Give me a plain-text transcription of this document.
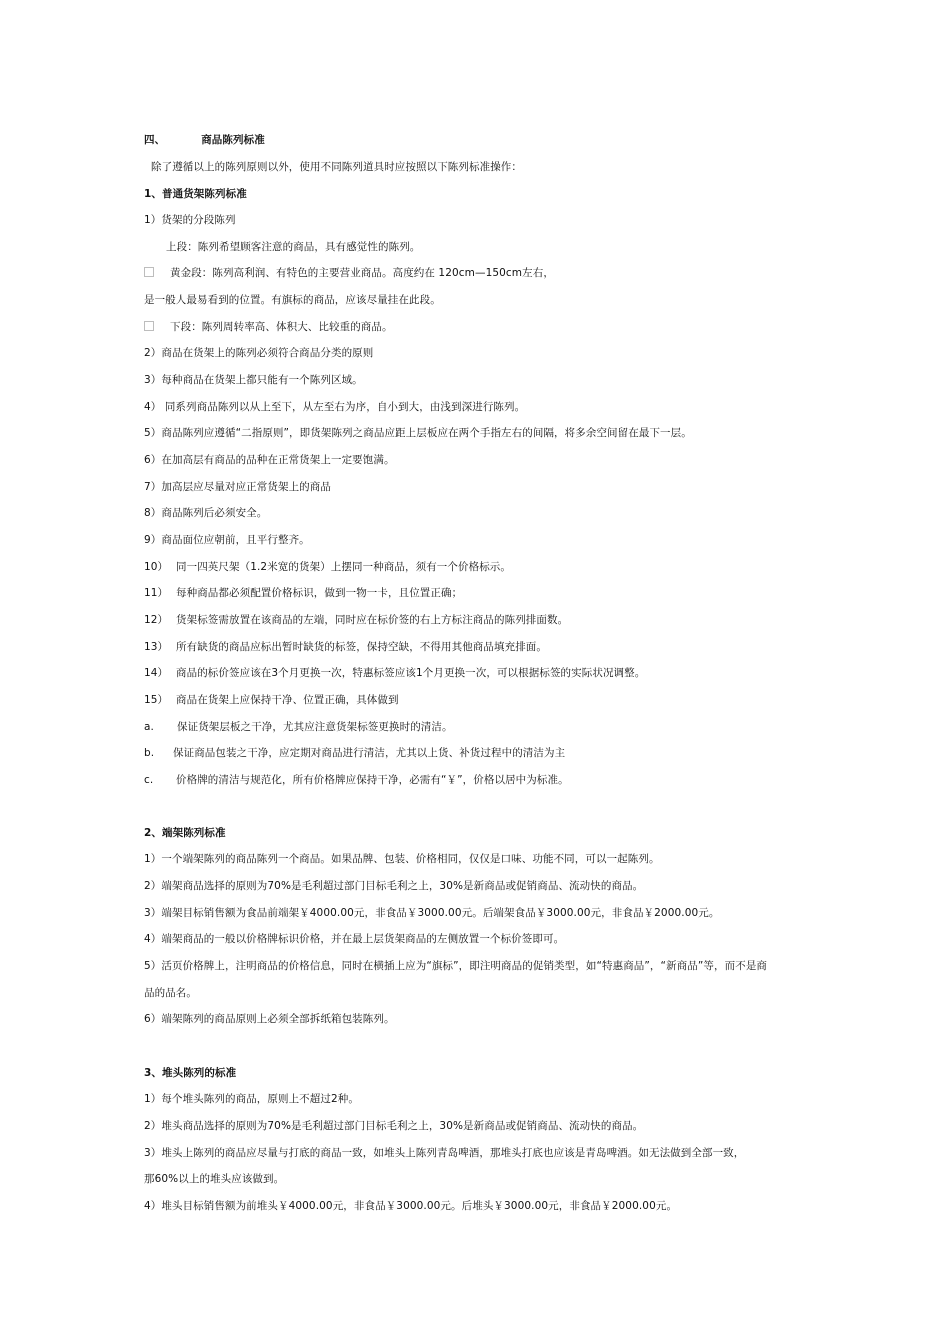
四、	商品陈列标准
除了遵循以上的陈列原则以外，使用不同陈列道具时应按照以下陈列标准操作：
1、普通货架陈列标准
1）货架的分段陈列
上段：陈列希望顾客注意的商品，具有感觉性的陈列。
黄金段：陈列高利润、有特色的主要营业商品。高度约在 120cm—150cm左右，
是一般人最易看到的位置。有旗标的商品，应该尽量挂在此段。
下段：陈列周转率高、体积大、比较重的商品。
2）商品在货架上的陈列必须符合商品分类的原则
3）每种商品在货架上都只能有一个陈列区域。
4） 同系列商品陈列以从上至下，从左至右为序，自小到大，由浅到深进行陈列。
5）商品陈列应遵循“二指原则”，即货架陈列之商品应距上层板应在两个手指左右的间隔，将多余空间留在最下一层。
6）在加高层有商品的品种在正常货架上一定要饱满。
7）加高层应尽量对应正常货架上的商品
8）商品陈列后必须安全。
9）商品面位应朝前，且平行整齐。
10） 同一四英尺架（1.2米宽的货架）上摆同一种商品，须有一个价格标示。
11） 每种商品都必须配置价格标识，做到一物一卡，且位置正确；
12） 货架标签需放置在该商品的左端，同时应在标价签的右上方标注商品的陈列排面数。
13） 所有缺货的商品应标出暂时缺货的标签，保持空缺，不得用其他商品填充排面。
14） 商品的标价签应该在3个月更换一次，特惠标签应该1个月更换一次，可以根据标签的实际状况调整。
15） 商品在货架上应保持干净、位置正确，具体做到
a. 保证货架层板之干净，尤其应注意货架标签更换时的清洁。
b. 保证商品包装之干净，应定期对商品进行清洁，尤其以上货、补货过程中的清洁为主
c. 价格牌的清洁与规范化，所有价格牌应保持干净，必需有“￥”，价格以居中为标准。
2、端架陈列标准
1）一个端架陈列的商品陈列一个商品。如果品牌、包装、价格相同，仅仅是口味、功能不同，可以一起陈列。
2）端架商品选择的原则为70%是毛利超过部门目标毛利之上，30%是新商品或促销商品、流动快的商品。
3）端架目标销售额为食品前端架￥4000.00元，非食品￥3000.00元。后端架食品￥3000.00元，非食品￥2000.00元。
4）端架商品的一般以价格牌标识价格，并在最上层货架商品的左侧放置一个标价签即可。
5）活页价格牌上，注明商品的价格信息，同时在横插上应为“旗标”，即注明商品的促销类型，如“特惠商品”，“新商品”等，而不是商
品的品名。
6）端架陈列的商品原则上必须全部拆纸箱包装陈列。
3、堆头陈列的标准
1）每个堆头陈列的商品，原则上不超过2种。
2）堆头商品选择的原则为70%是毛利超过部门目标毛利之上，30%是新商品或促销商品、流动快的商品。
3）堆头上陈列的商品应尽量与打底的商品一致，如堆头上陈列青岛啤酒，那堆头打底也应该是青岛啤酒。如无法做到全部一致，
那60%以上的堆头应该做到。
4）堆头目标销售额为前堆头￥4000.00元，非食品￥3000.00元。后堆头￥3000.00元，非食品￥2000.00元。
